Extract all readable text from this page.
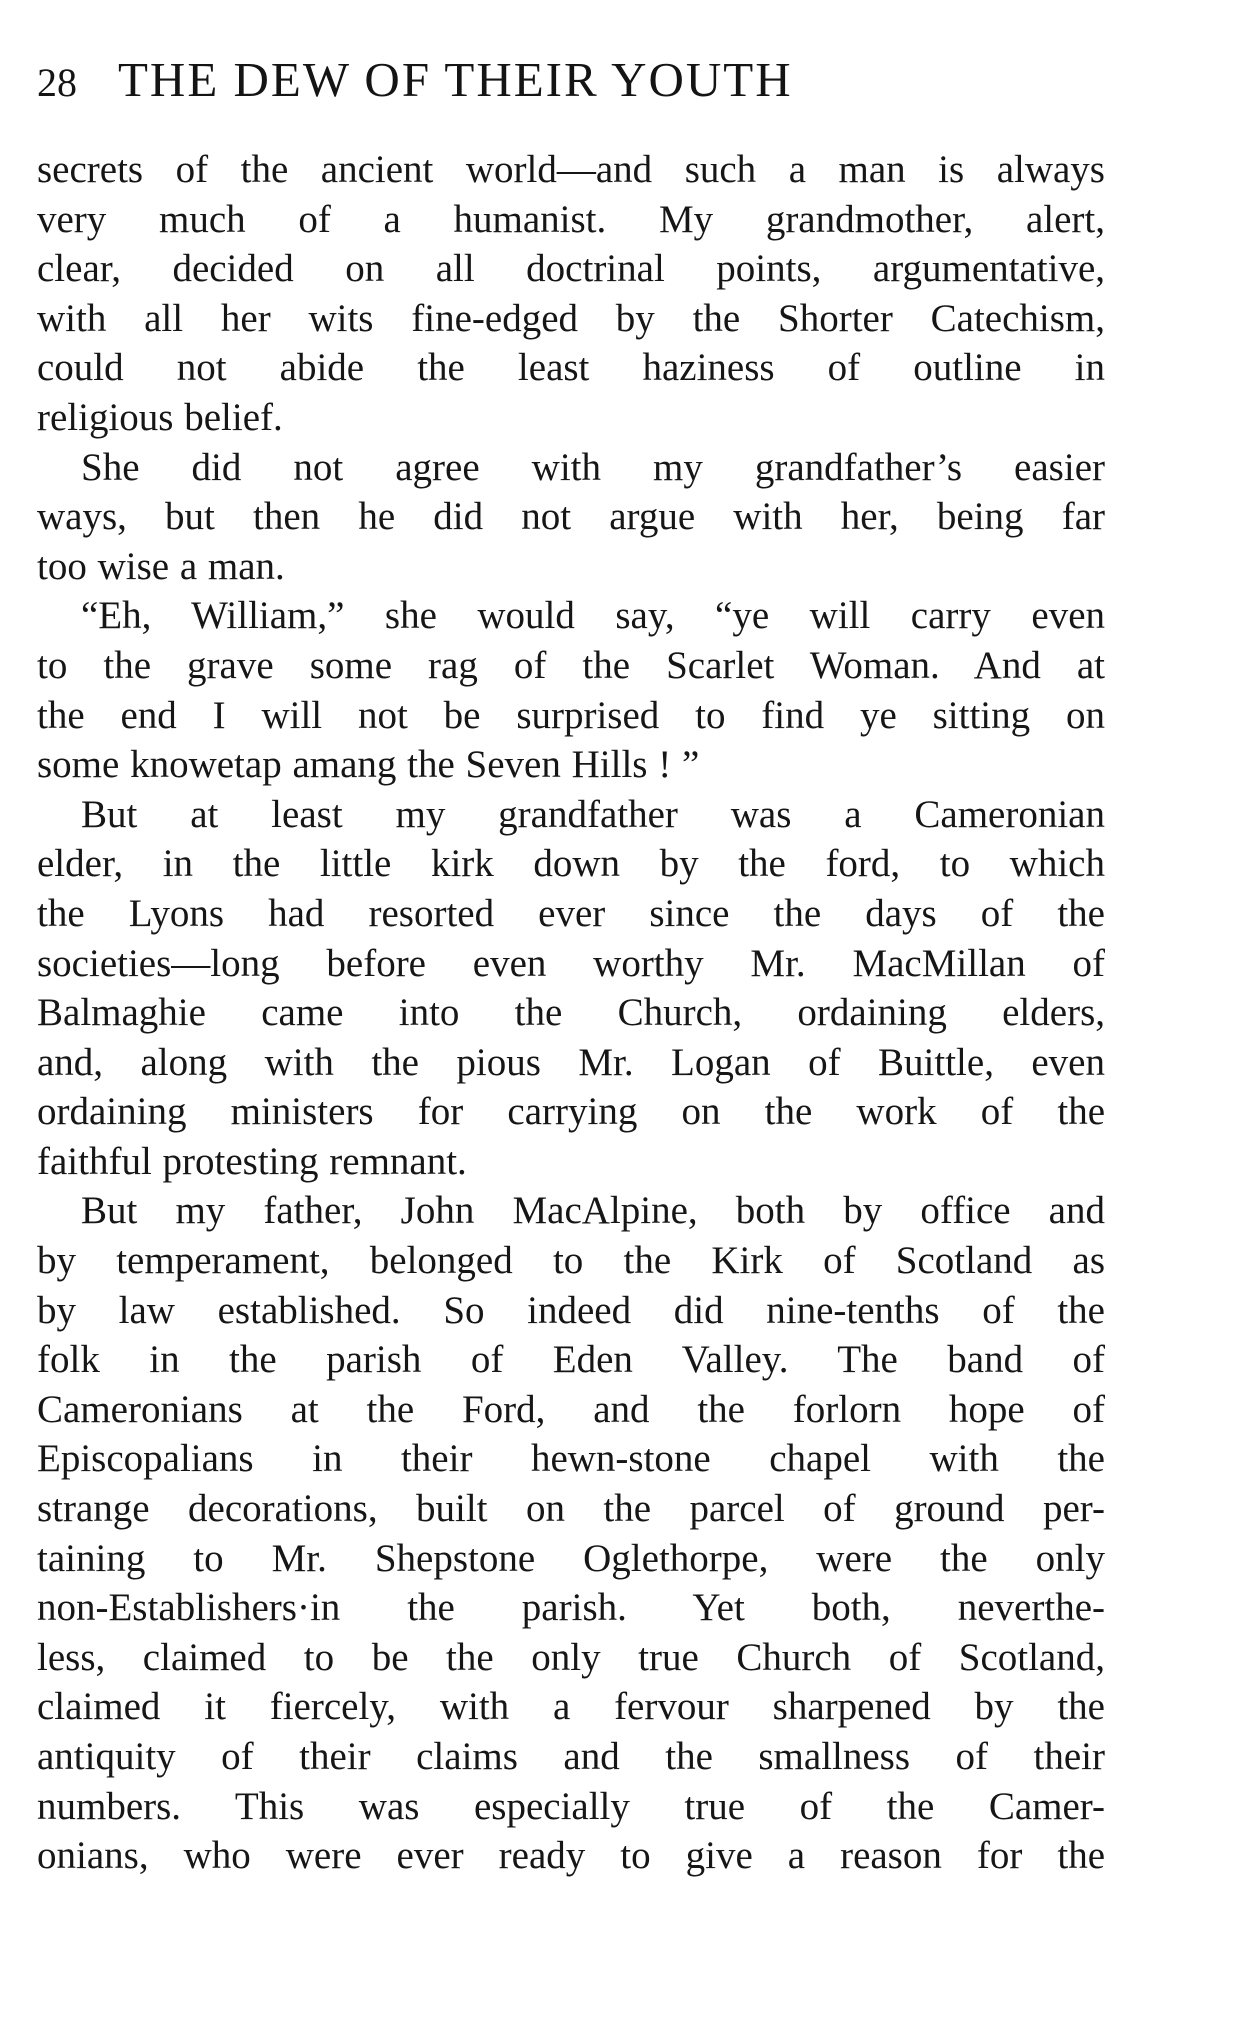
28 THE DEW OF THEIR YOUTH
secrets of the ancient world—and such a man is always
very much of a humanist. My grandmother, alert,
clear, decided on all doctrinal points, argumentative,
with all her wits fine-edged by the Shorter Catechism,
could not abide the least haziness of outline in
religious belief.
She did not agree with my grandfather’s easier
ways, but then he did not argue with her, being far
too wise a man.
“Eh, William,” she would say, “ye will carry even
to the grave some rag of the Scarlet Woman. And at
the end I will not be surprised to find ye sitting on
some knowetap amang the Seven Hills ! ”
But at least my grandfather was a Cameronian
elder, in the little kirk down by the ford, to which
the Lyons had resorted ever since the days of the
societies—long before even worthy Mr. MacMillan of
Balmaghie came into the Church, ordaining elders,
and, along with the pious Mr. Logan of Buittle, even
ordaining ministers for carrying on the work of the
faithful protesting remnant.
But my father, John MacAlpine, both by office and
by temperament, belonged to the Kirk of Scotland as
by law established. So indeed did nine-tenths of the
folk in the parish of Eden Valley. The band of
Cameronians at the Ford, and the forlorn hope of
Episcopalians in their hewn-stone chapel with the
strange decorations, built on the parcel of ground per-
taining to Mr. Shepstone Oglethorpe, were the only
non-Establishers·in the parish. Yet both, neverthe-
less, claimed to be the only true Church of Scotland,
claimed it fiercely, with a fervour sharpened by the
antiquity of their claims and the smallness of their
numbers. This was especially true of the Camer-
onians, who were ever ready to give a reason for the
